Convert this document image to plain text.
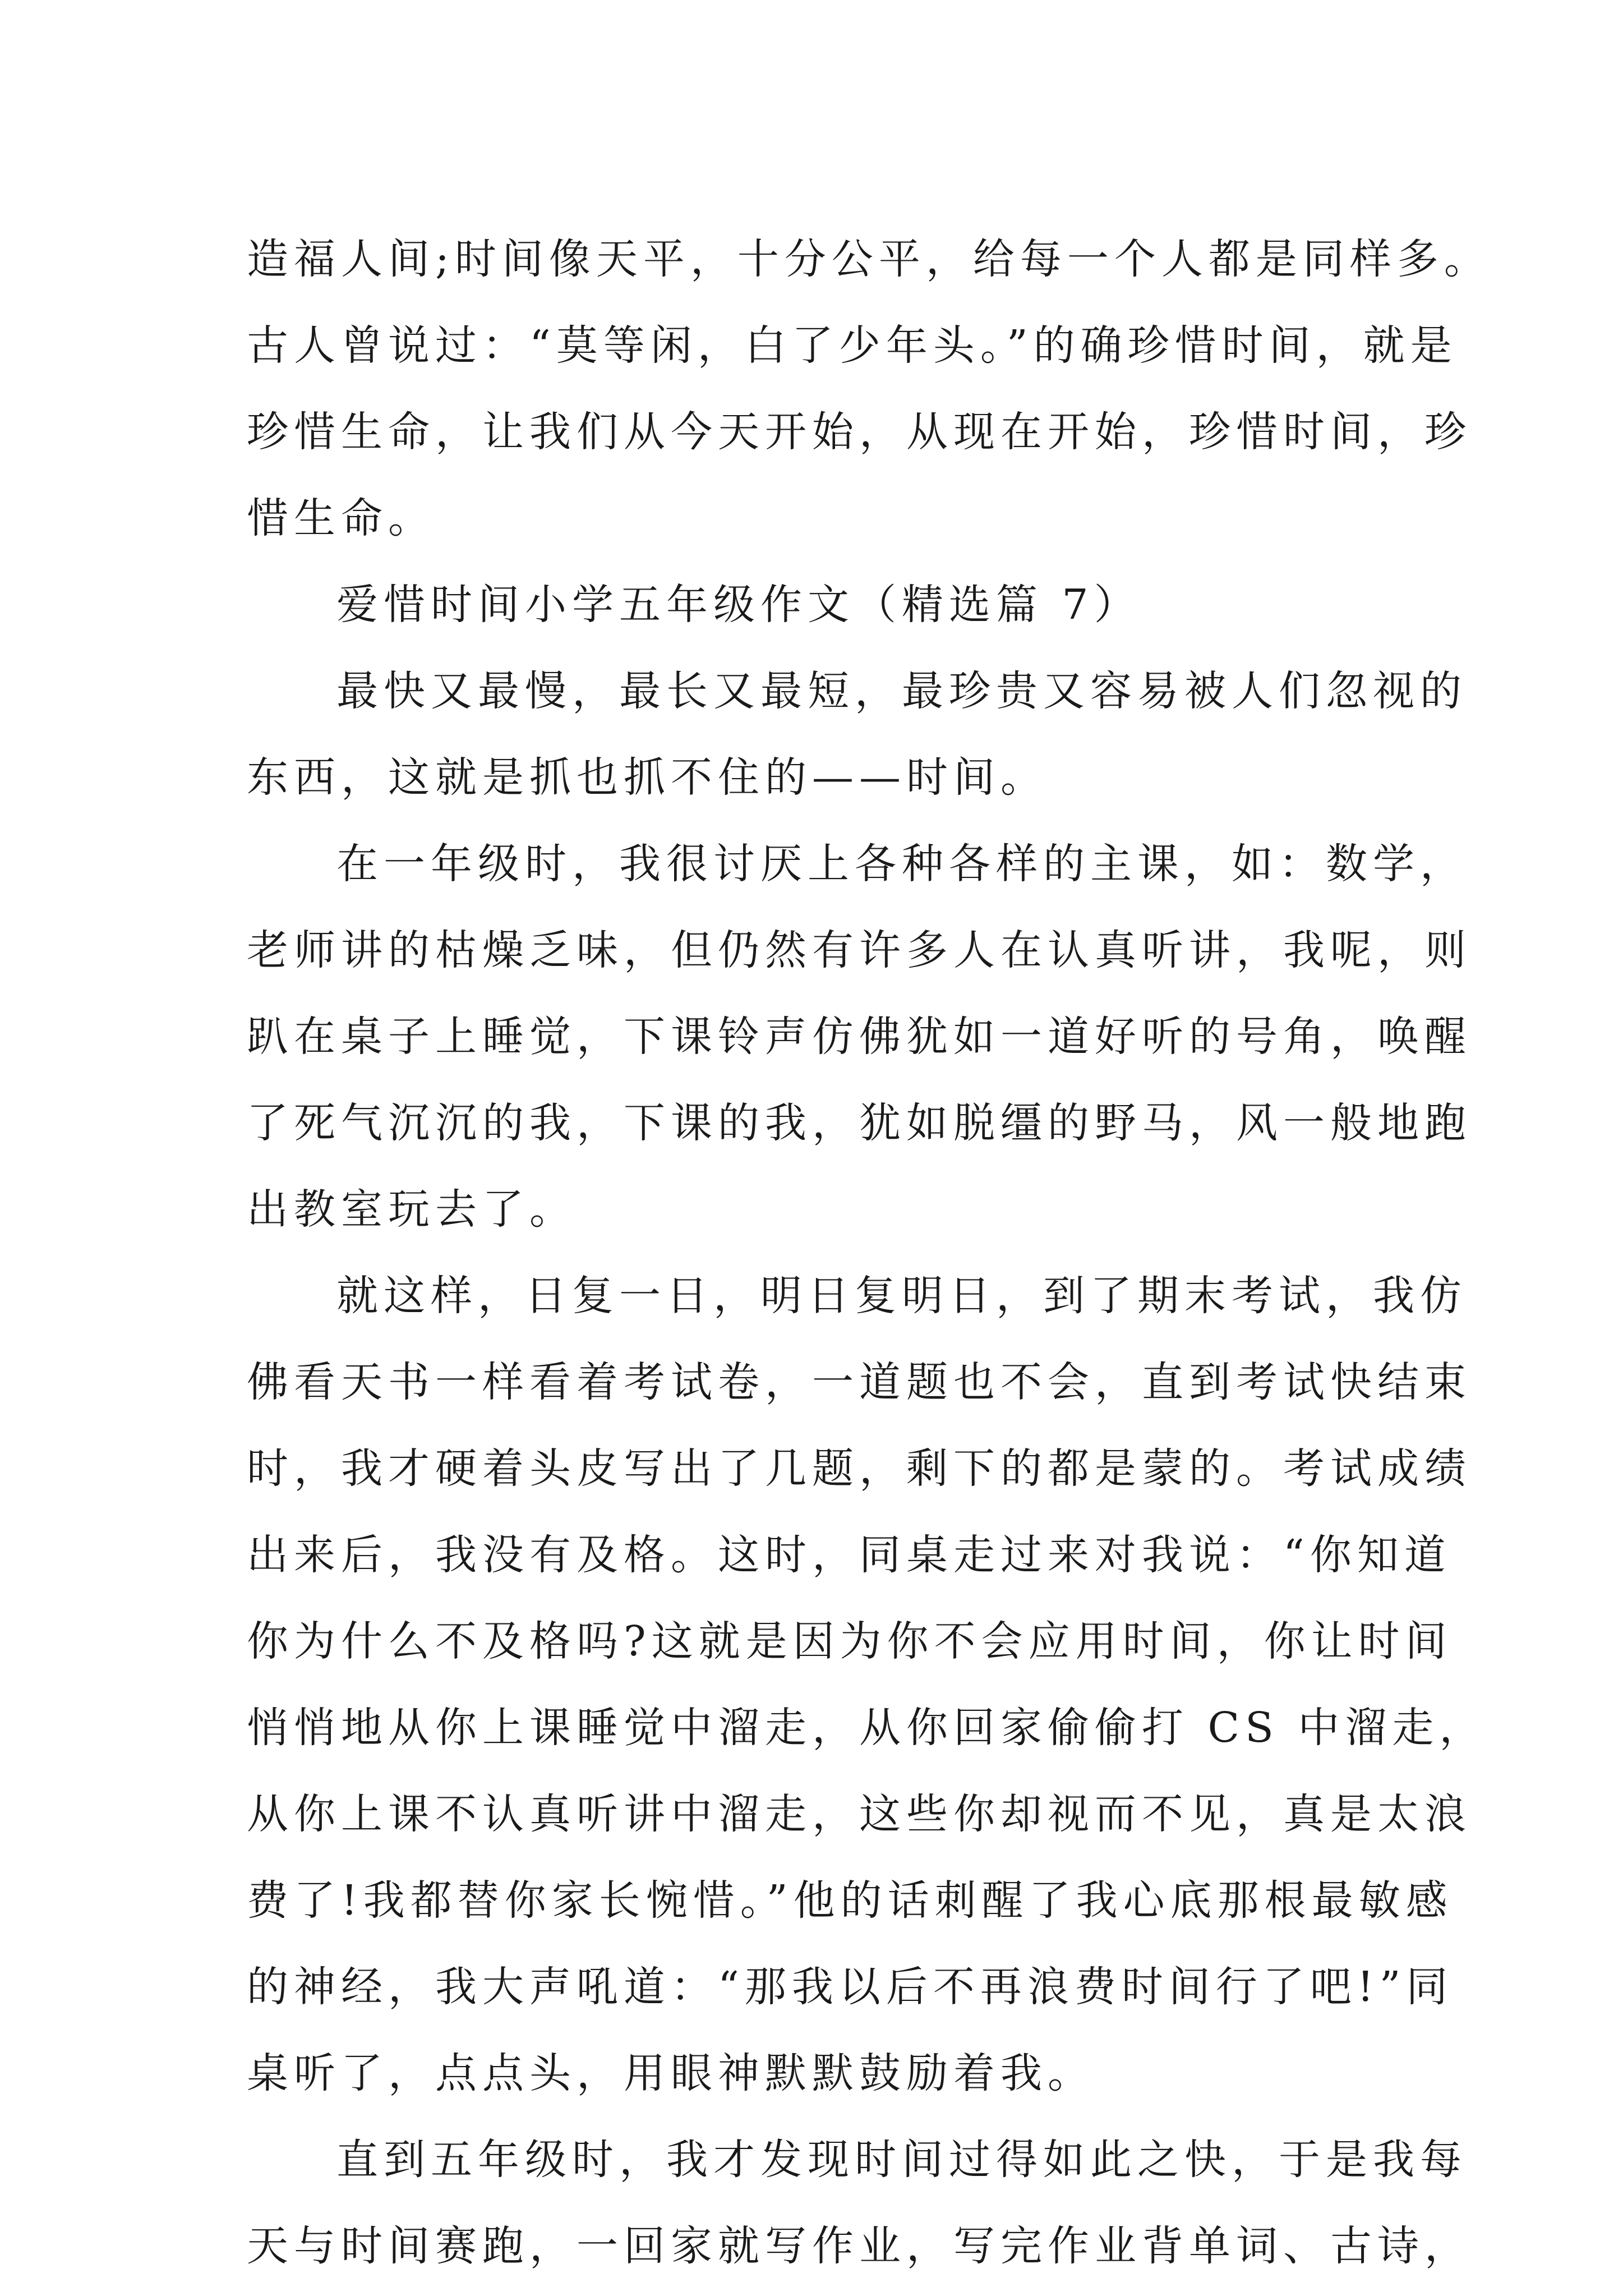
造福人间;时间像天平，十分公平，给每一个人都是同样多。
古人曾说过：“莫等闲，白了少年头。”的确珍惜时间，就是
珍惜生命，让我们从今天开始，从现在开始，珍惜时间，珍
惜生命。

爱惜时间小学五年级作文（精选篇 7）

最快又最慢，最长又最短，最珍贵又容易被人们忽视的
东西，这就是抓也抓不住的——时间。

在一年级时，我很讨厌上各种各样的主课，如：数学，
老师讲的枯燥乏味，但仍然有许多人在认真听讲，我呢，则
趴在桌子上睡觉，下课铃声仿佛犹如一道好听的号角，唤醒
了死气沉沉的我，下课的我，犹如脱缰的野马，风一般地跑
出教室玩去了。

就这样，日复一日，明日复明日，到了期末考试，我仿
佛看天书一样看着考试卷，一道题也不会，直到考试快结束
时，我才硬着头皮写出了几题，剩下的都是蒙的。考试成绩
出来后，我没有及格。这时，同桌走过来对我说：“你知道
你为什么不及格吗?这就是因为你不会应用时间，你让时间
悄悄地从你上课睡觉中溜走，从你回家偷偷打 CS 中溜走，
从你上课不认真听讲中溜走，这些你却视而不见，真是太浪
费了!我都替你家长惋惜。”他的话刺醒了我心底那根最敏感
的神经，我大声吼道：“那我以后不再浪费时间行了吧!”同
桌听了，点点头，用眼神默默鼓励着我。

直到五年级时，我才发现时间过得如此之快，于是我每
天与时间赛跑，一回家就写作业，写完作业背单词、古诗，
